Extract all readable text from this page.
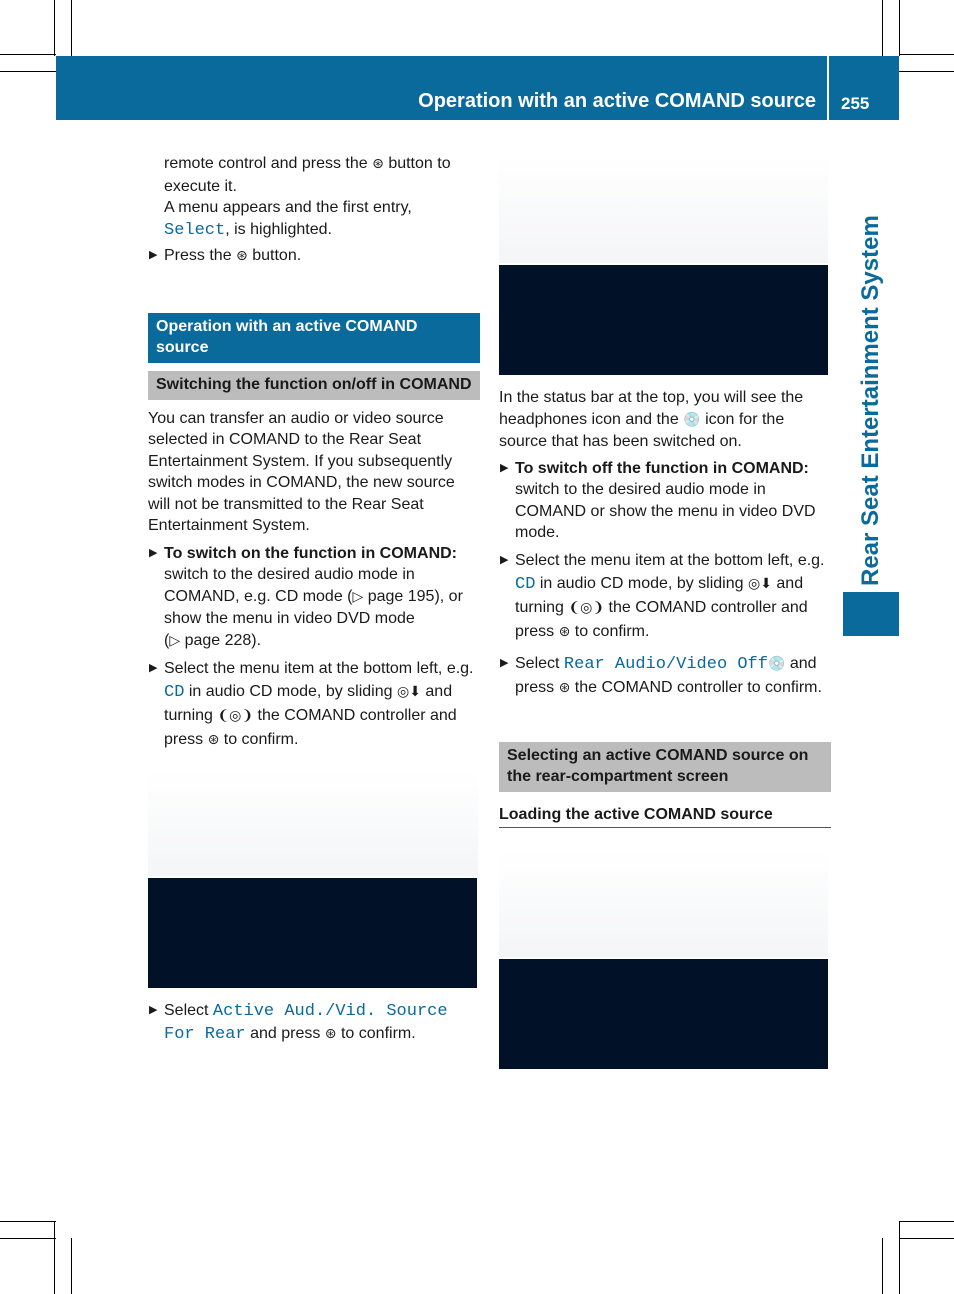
Operation with an active COMAND source 255
Rear Seat Entertainment System

remote control and press the ⊛ button to execute it.

A menu appears and the first entry,
Select, is highlighted.

▶ Press the ⊛ button.

Operation with an active COMAND source
Switching the function on/off in COMAND

You can transfer an audio or video source selected in COMAND to the Rear Seat Entertainment System. If you subsequently switch modes in COMAND, the new source will not be transmitted to the Rear Seat Entertainment System.

▶ To switch on the function in COMAND: switch to the desired audio mode in COMAND, e.g. CD mode (▷ page 195), or show the menu in video DVD mode
(▷ page 228).

▶ Select the menu item at the bottom left, e.g. CD in audio CD mode, by sliding ◎⬇ and turning ❨◎❩ the COMAND controller and press ⊛ to confirm.

▶ Select Active Aud./Vid. Source For Rear and press ⊛ to confirm.

In the status bar at the top, you will see the headphones icon and the 💿 icon for the source that has been switched on.

▶ To switch off the function in COMAND: switch to the desired audio mode in COMAND or show the menu in video DVD mode.

▶ Select the menu item at the bottom left, e.g. CD in audio CD mode, by sliding ◎⬇ and turning ❨◎❩ the COMAND controller and press ⊛ to confirm.

▶ Select Rear Audio/Video Off💿 and press ⊛ the COMAND controller to confirm.

Selecting an active COMAND source on the rear-compartment screen
Loading the active COMAND source
